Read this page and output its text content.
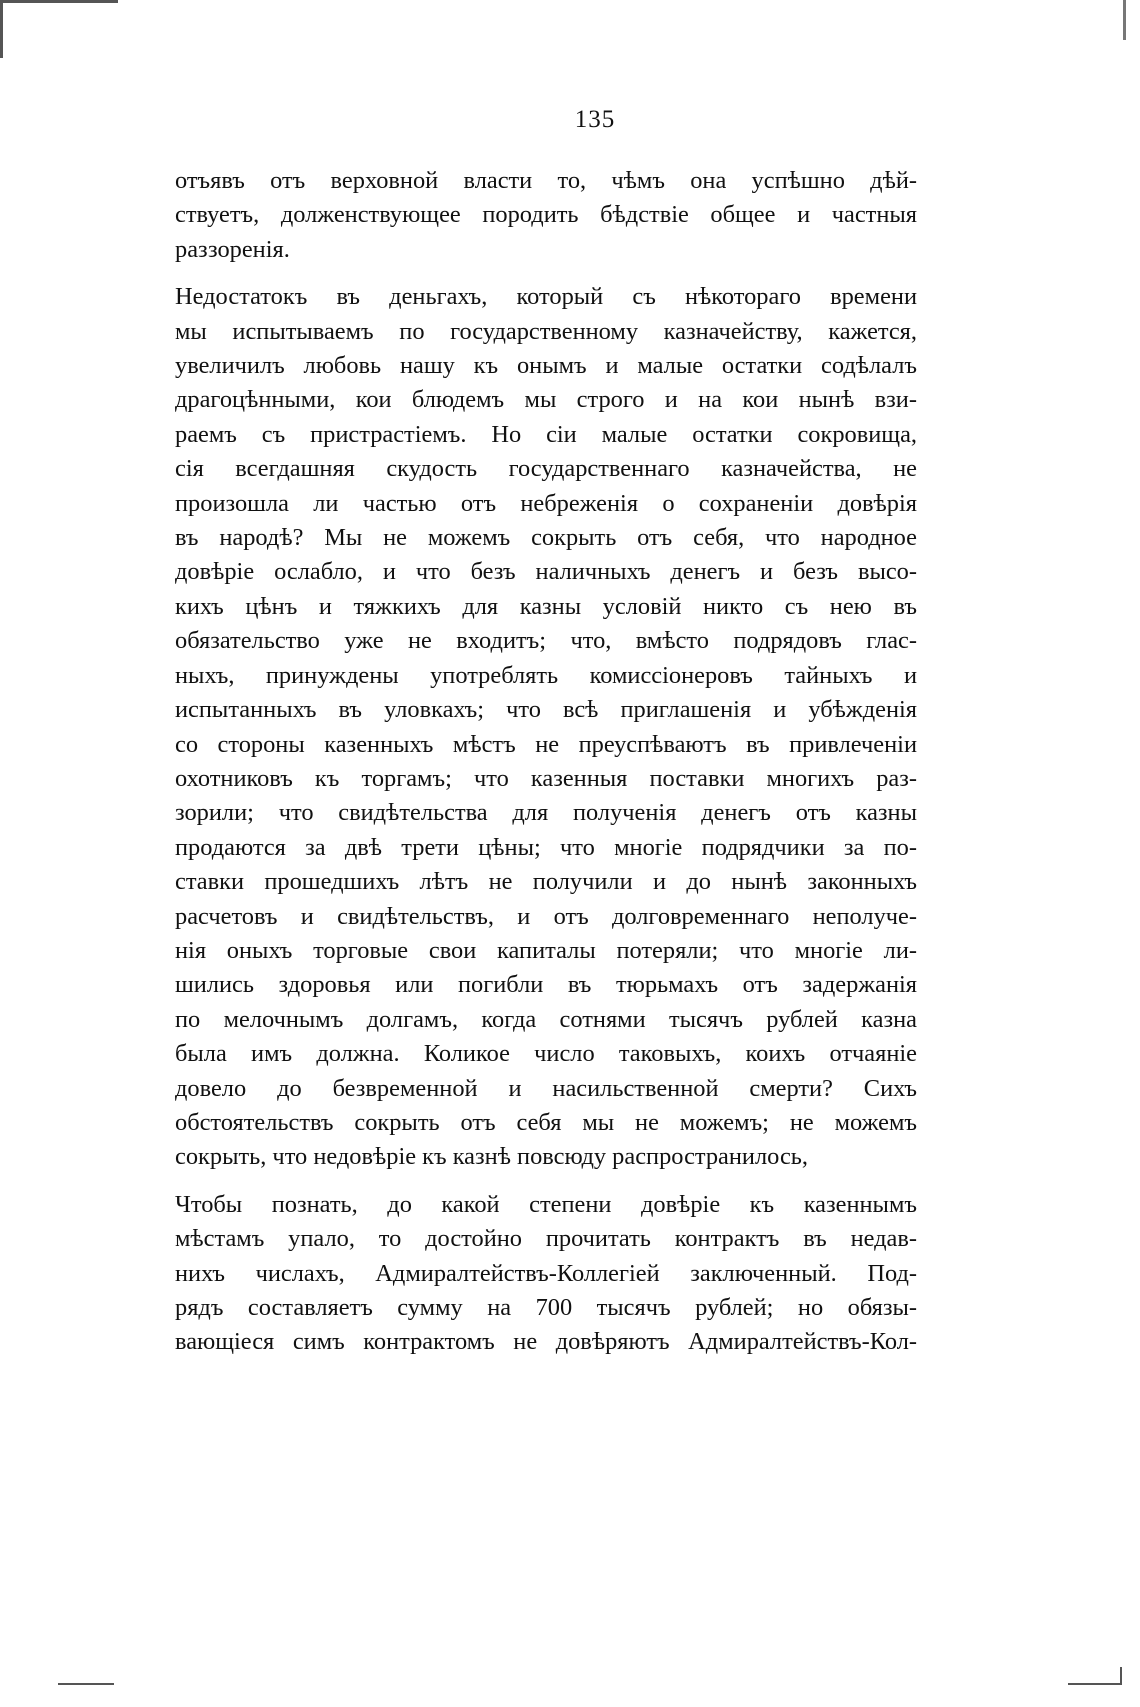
135
отъявъ отъ верховной власти то, чѣмъ она успѣшно дѣй-
ствуетъ, долженствующее породить бѣдствіе общее и частныя
раззоренія.
Недостатокъ въ деньгахъ, который съ нѣкотораго времени
мы испытываемъ по государственному казначейству, кажется,
увеличилъ любовь нашу къ онымъ и малые остатки содѣлалъ
драгоцѣнными, кои блюдемъ мы строго и на кои нынѣ взи-
раемъ съ пристрастіемъ. Но сіи малые остатки сокровища,
сія всегдашняя скудость государственнаго казначейства, не
произошла ли частью отъ небреженія о сохраненіи довѣрія
въ народѣ? Мы не можемъ сокрыть отъ себя, что народное
довѣріе ослабло, и что безъ наличныхъ денегъ и безъ высо-
кихъ цѣнъ и тяжкихъ для казны условій никто съ нею въ
обязательство уже не входитъ; что, вмѣсто подрядовъ глас-
ныхъ, принуждены употреблять комиссіонеровъ тайныхъ и
испытанныхъ въ уловкахъ; что всѣ приглашенія и убѣжденія
со стороны казенныхъ мѣстъ не преуспѣваютъ въ привлеченіи
охотниковъ къ торгамъ; что казенныя поставки многихъ раз-
зорили; что свидѣтельства для полученія денегъ отъ казны
продаются за двѣ трети цѣны; что многіе подрядчики за по-
ставки прошедшихъ лѣтъ не получили и до нынѣ законныхъ
расчетовъ и свидѣтельствъ, и отъ долговременнаго неполуче-
нія оныхъ торговые свои капиталы потеряли; что многіе ли-
шились здоровья или погибли въ тюрьмахъ отъ задержанія
по мелочнымъ долгамъ, когда сотнями тысячъ рублей казна
была имъ должна. Коликое число таковыхъ, коихъ отчаяніе
довело до безвременной и насильственной смерти? Сихъ
обстоятельствъ сокрыть отъ себя мы не можемъ; не можемъ
сокрыть, что недовѣріе къ казнѣ повсюду распространилось,
Чтобы познать, до какой степени довѣріе къ казеннымъ
мѣстамъ упало, то достойно прочитать контрактъ въ недав-
нихъ числахъ, Адмиралтействъ-Коллегіей заключенный. Под-
рядъ составляетъ сумму на 700 тысячъ рублей; но обязы-
вающіеся симъ контрактомъ не довѣряютъ Адмиралтействъ-Кол-
